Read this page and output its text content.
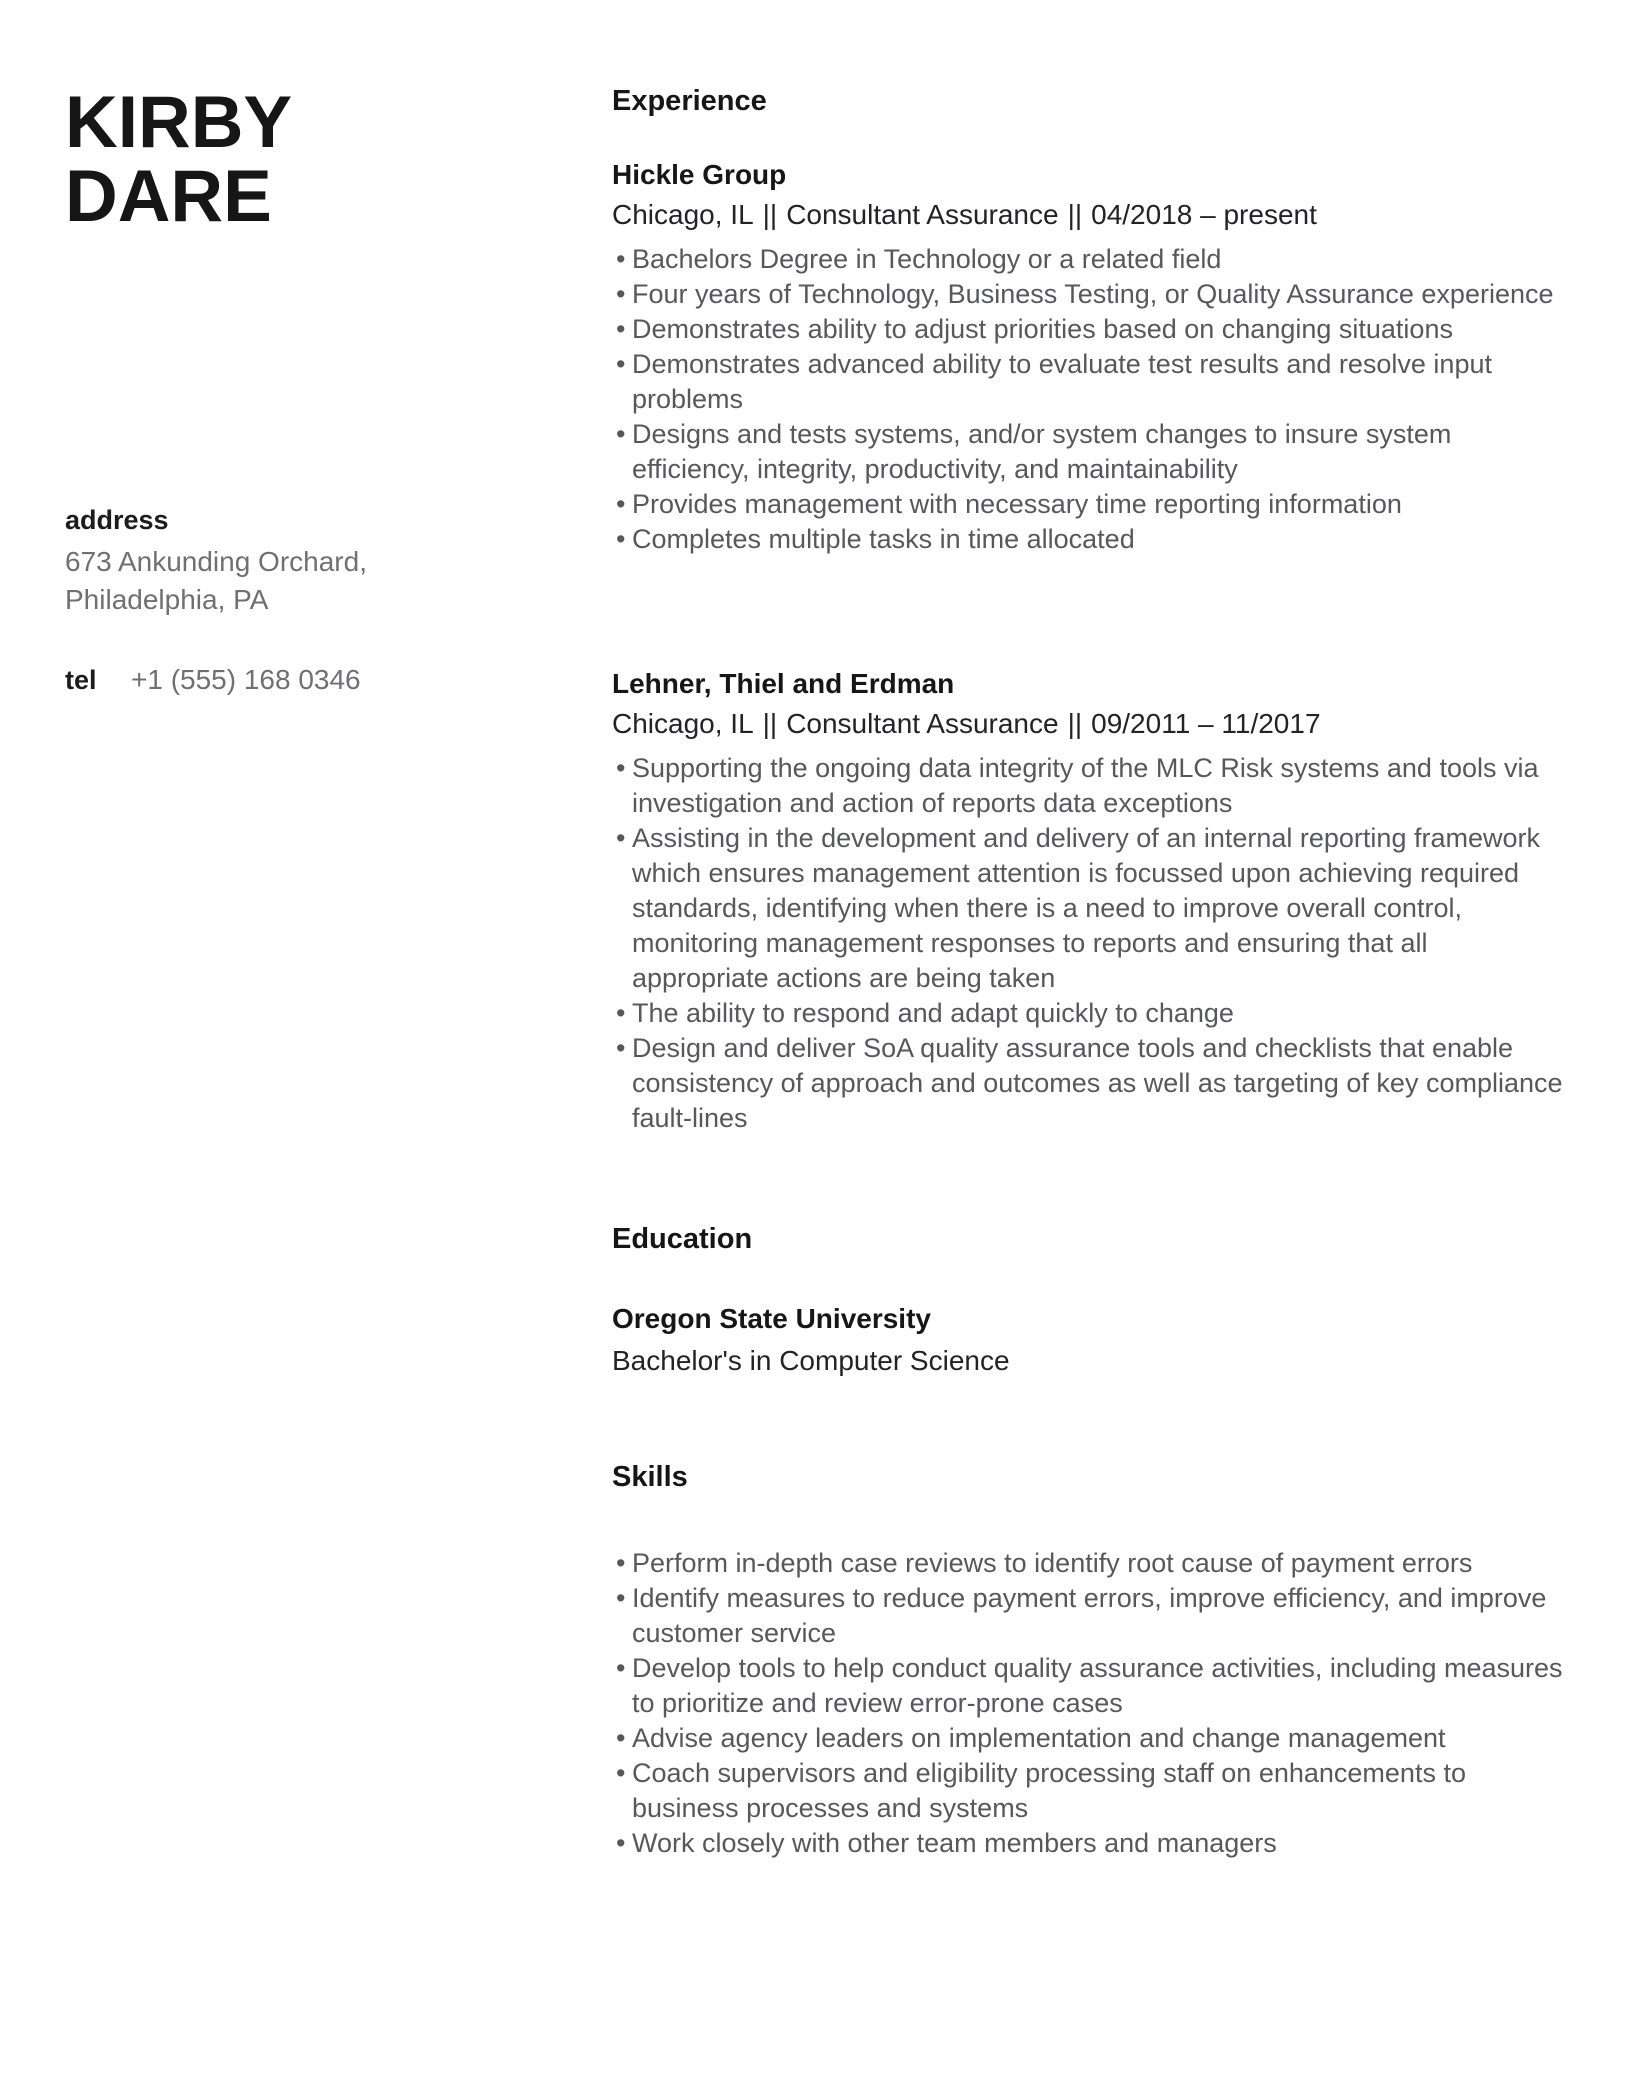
KIRBY
DARE
address
673 Ankunding Orchard,
Philadelphia, PA
tel +1 (555) 168 0346
Experience
Hickle Group
Chicago, IL || Consultant Assurance || 04/2018 – present
• Bachelors Degree in Technology or a related field
• Four years of Technology, Business Testing, or Quality Assurance experience
• Demonstrates ability to adjust priorities based on changing situations
• Demonstrates advanced ability to evaluate test results and resolve input problems
• Designs and tests systems, and/or system changes to insure system efficiency, integrity, productivity, and maintainability
• Provides management with necessary time reporting information
• Completes multiple tasks in time allocated
Lehner, Thiel and Erdman
Chicago, IL || Consultant Assurance || 09/2011 – 11/2017
• Supporting the ongoing data integrity of the MLC Risk systems and tools via investigation and action of reports data exceptions
• Assisting in the development and delivery of an internal reporting framework which ensures management attention is focussed upon achieving required standards, identifying when there is a need to improve overall control, monitoring management responses to reports and ensuring that all appropriate actions are being taken
• The ability to respond and adapt quickly to change
• Design and deliver SoA quality assurance tools and checklists that enable consistency of approach and outcomes as well as targeting of key compliance fault-lines
Education
Oregon State University
Bachelor's in Computer Science
Skills
• Perform in-depth case reviews to identify root cause of payment errors
• Identify measures to reduce payment errors, improve efficiency, and improve customer service
• Develop tools to help conduct quality assurance activities, including measures to prioritize and review error-prone cases
• Advise agency leaders on implementation and change management
• Coach supervisors and eligibility processing staff on enhancements to business processes and systems
• Work closely with other team members and managers
